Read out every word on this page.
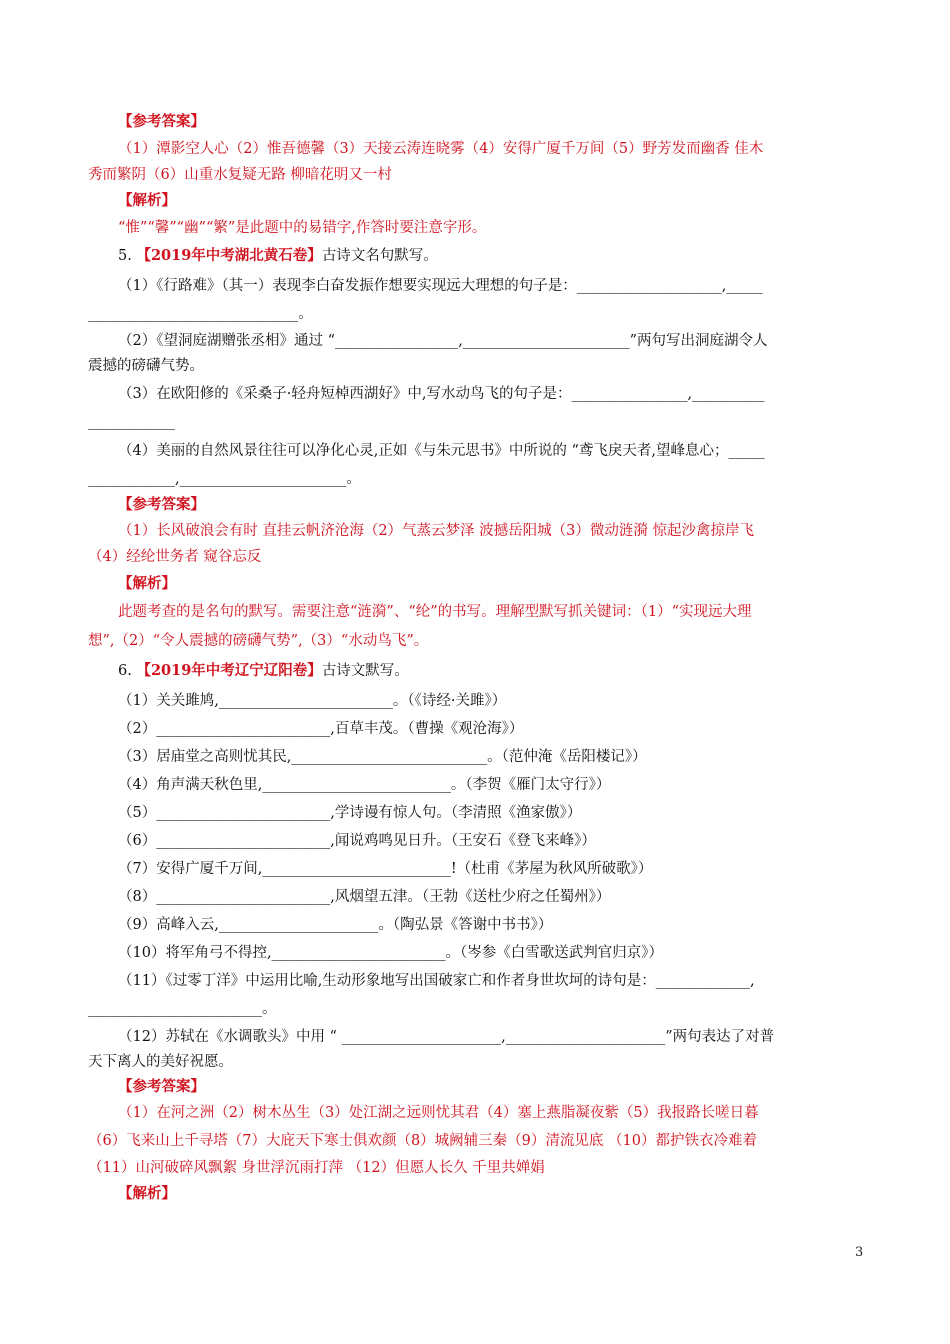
【参考答案】
（1）潭影空人心（2）惟吾德馨（3）天接云涛连晓雾（4）安得广厦千万间（5）野芳发而幽香 佳木
秀而繁阴（6）山重水复疑无路 柳暗花明又一村
【解析】
“惟”“馨”“幽”“繁”是此题中的易错字,作答时要注意字形。
5. 【2019年中考湖北黄石卷】古诗文名句默写。
（1）《行路难》（其一）表现李白奋发振作想要实现远大理想的句子是：____________________,_____
_____________________________。
（2）《望洞庭湖赠张丞相》通过 “_________________,_______________________”两句写出洞庭湖令人
震撼的磅礴气势。
（3）在欧阳修的《采桑子·轻舟短棹西湖好》中,写水动鸟飞的句子是：________________,__________
____________
（4）美丽的自然风景往往可以净化心灵,正如《与朱元思书》中所说的 “鸢飞戾天者,望峰息心；_____
____________,_______________________。
【参考答案】
（1）长风破浪会有时 直挂云帆济沧海（2）气蒸云梦泽 波撼岳阳城（3）微动涟漪 惊起沙禽掠岸飞
（4）经纶世务者 窥谷忘反
【解析】
此题考查的是名句的默写。需要注意“涟漪”、“纶”的书写。理解型默写抓关键词：（1）“实现远大理
想”,（2）“令人震撼的磅礴气势”,（3）“水动鸟飞”。
6. 【2019年中考辽宁辽阳卷】古诗文默写。
（1）关关雎鸠,________________________。（《诗经·关雎》）
（2）________________________,百草丰茂。（曹操《观沧海》）
（3）居庙堂之高则忧其民,___________________________。（范仲淹《岳阳楼记》）
（4）角声满天秋色里,__________________________。（李贺《雁门太守行》）
（5）________________________,学诗谩有惊人句。（李清照《渔家傲》）
（6）________________________,闻说鸡鸣见日升。（王安石《登飞来峰》）
（7）安得广厦千万间,__________________________!（杜甫《茅屋为秋风所破歌》）
（8）________________________,风烟望五津。（王勃《送杜少府之任蜀州》）
（9）高峰入云,______________________。（陶弘景《答谢中书书》）
（10）将军角弓不得控,________________________。（岑参《白雪歌送武判官归京》）
（11）《过零丁洋》中运用比喻,生动形象地写出国破家亡和作者身世坎坷的诗句是：_____________,
________________________。
（12）苏轼在《水调歌头》中用 “ ______________________,______________________”两句表达了对普
天下离人的美好祝愿。
【参考答案】
（1）在河之洲（2）树木丛生（3）处江湖之远则忧其君（4）塞上燕脂凝夜紫（5）我报路长嗟日暮
（6）飞来山上千寻塔（7）大庇天下寒士俱欢颜（8）城阙辅三秦（9）清流见底 （10）都护铁衣冷难着
（11）山河破碎风飘絮 身世浮沉雨打萍 （12）但愿人长久 千里共婵娟
【解析】
3
